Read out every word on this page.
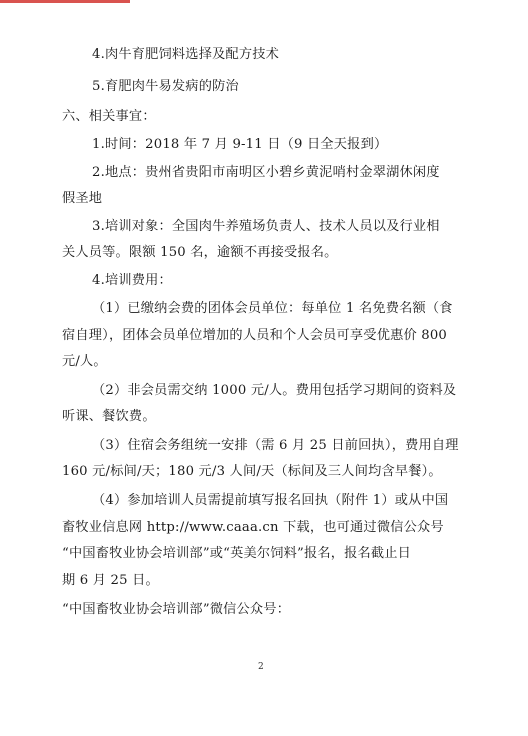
4.肉牛育肥饲料选择及配方技术
5.育肥肉牛易发病的防治
六、相关事宜：
1.时间：2018 年 7 月 9-11 日（9 日全天报到）
2.地点：贵州省贵阳市南明区小碧乡黄泥哨村金翠湖休闲度
假圣地
3.培训对象：全国肉牛养殖场负责人、技术人员以及行业相
关人员等。限额 150 名，逾额不再接受报名。
4.培训费用：
（1）已缴纳会费的团体会员单位：每单位 1 名免费名额（食
宿自理），团体会员单位增加的人员和个人会员可享受优惠价 800
元/人。
（2）非会员需交纳 1000 元/人。费用包括学习期间的资料及
听课、餐饮费。
（3）住宿会务组统一安排（需 6 月 25 日前回执），费用自理
160 元/标间/天；180 元/3 人间/天（标间及三人间均含早餐）。
（4）参加培训人员需提前填写报名回执（附件 1）或从中国
畜牧业信息网 http://www.caaa.cn 下载，也可通过微信公众号
“中国畜牧业协会培训部”或“英美尔饲料”报名，报名截止日
期 6 月 25 日。
“中国畜牧业协会培训部”微信公众号：
2
